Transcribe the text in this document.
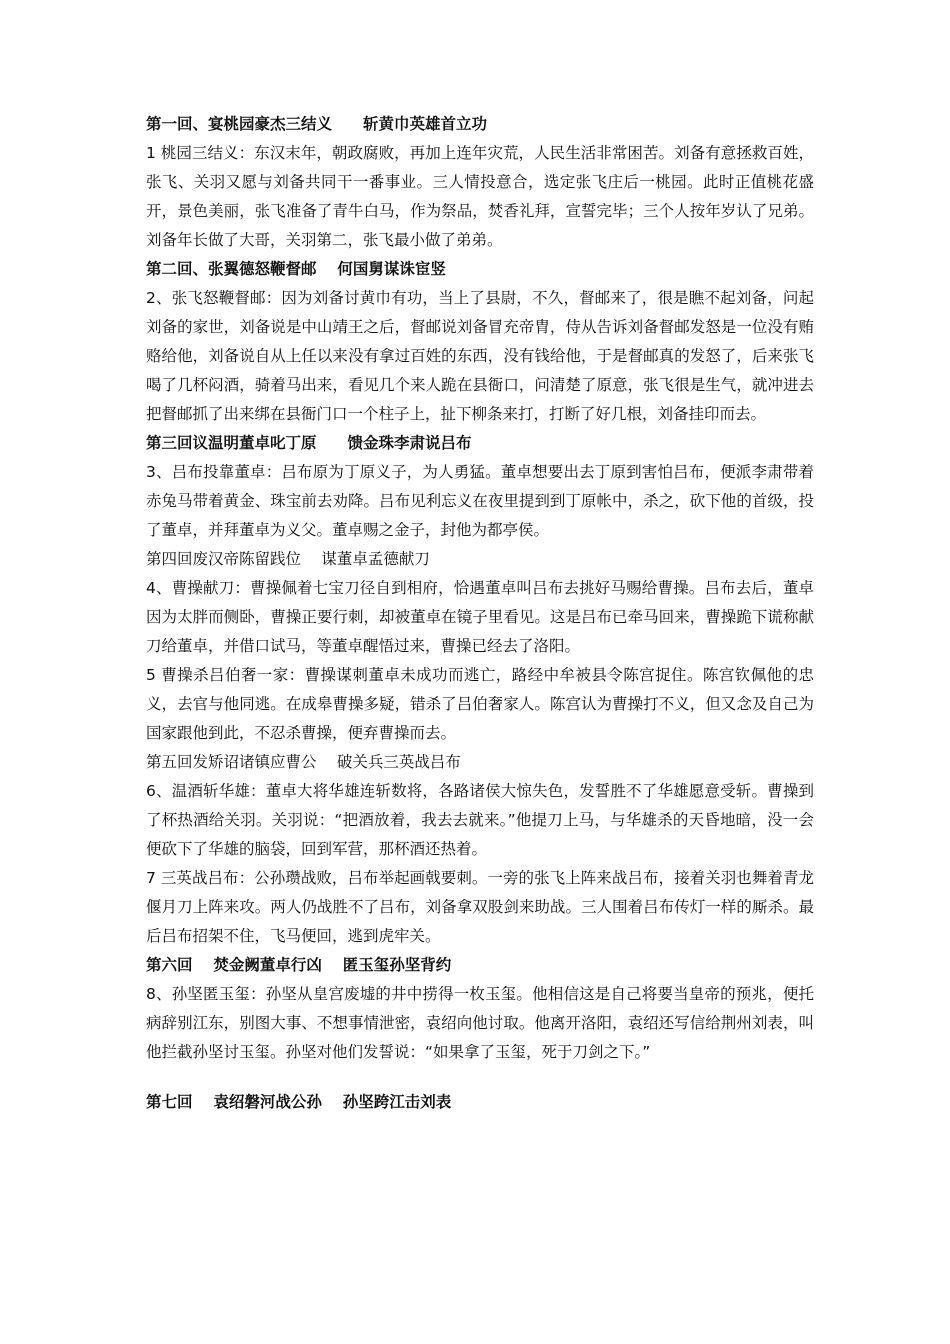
第一回、宴桃园豪杰三结义　　斩黄巾英雄首立功

1 桃园三结义：东汉末年，朝政腐败，再加上连年灾荒，人民生活非常困苦。刘备有意拯救百姓，张飞、关羽又愿与刘备共同干一番事业。三人情投意合，选定张飞庄后一桃园。此时正值桃花盛开，景色美丽，张飞准备了青牛白马，作为祭品，焚香礼拜，宣誓完毕；三个人按年岁认了兄弟。刘备年长做了大哥，关羽第二，张飞最小做了弟弟。

第二回、张翼德怒鞭督邮　 何国舅谋诛宦竖

2、张飞怒鞭督邮：因为刘备讨黄巾有功，当上了县尉，不久，督邮来了，很是瞧不起刘备，问起刘备的家世，刘备说是中山靖王之后，督邮说刘备冒充帝胄，侍从告诉刘备督邮发怒是一位没有贿赂给他，刘备说自从上任以来没有拿过百姓的东西，没有钱给他，于是督邮真的发怒了，后来张飞喝了几杯闷酒，骑着马出来，看见几个来人跪在县衙口，问清楚了原意，张飞很是生气，就冲进去把督邮抓了出来绑在县衙门口一个柱子上，扯下柳条来打，打断了好几根，刘备挂印而去。

第三回议温明董卓叱丁原　　馈金珠李肃说吕布

3、吕布投靠董卓：吕布原为丁原义子，为人勇猛。董卓想要出去丁原到害怕吕布，便派李肃带着赤兔马带着黄金、珠宝前去劝降。吕布见利忘义在夜里提到到丁原帐中，杀之，砍下他的首级，投了董卓，并拜董卓为义父。董卓赐之金子，封他为都亭侯。

第四回废汉帝陈留践位　 谋董卓孟德献刀

4、曹操献刀：曹操佩着七宝刀径自到相府，恰遇董卓叫吕布去挑好马赐给曹操。吕布去后，董卓因为太胖而侧卧，曹操正要行刺，却被董卓在镜子里看见。这是吕布已牵马回来，曹操跪下谎称献刀给董卓，并借口试马，等董卓醒悟过来，曹操已经去了洛阳。

5 曹操杀吕伯奢一家：曹操谋刺董卓未成功而逃亡，路经中牟被县令陈宫捉住。陈宫钦佩他的忠义，去官与他同逃。在成皋曹操多疑，错杀了吕伯奢家人。陈宫认为曹操打不义，但又念及自己为国家跟他到此，不忍杀曹操，便弃曹操而去。

第五回发矫诏诸镇应曹公　 破关兵三英战吕布

6、温酒斩华雄：董卓大将华雄连斩数将，各路诸侯大惊失色，发誓胜不了华雄愿意受斩。曹操到了杯热酒给关羽。关羽说：“把酒放着，我去去就来。”他提刀上马，与华雄杀的天昏地暗，没一会便砍下了华雄的脑袋，回到军营，那杯酒还热着。

7 三英战吕布：公孙瓒战败，吕布举起画戟要刺。一旁的张飞上阵来战吕布，接着关羽也舞着青龙偃月刀上阵来攻。两人仍战胜不了吕布，刘备拿双股剑来助战。三人围着吕布传灯一样的厮杀。最后吕布招架不住，飞马便回，逃到虎牢关。

第六回　 焚金阙董卓行凶　 匿玉玺孙坚背约

8、孙坚匿玉玺：孙坚从皇宫废墟的井中捞得一枚玉玺。他相信这是自己将要当皇帝的预兆，便托病辞别江东，别图大事、不想事情泄密，袁绍向他讨取。他离开洛阳，袁绍还写信给荆州刘表，叫他拦截孙坚讨玉玺。孙坚对他们发誓说：“如果拿了玉玺，死于刀剑之下。”

第七回　 袁绍磐河战公孙　 孙坚跨江击刘表
